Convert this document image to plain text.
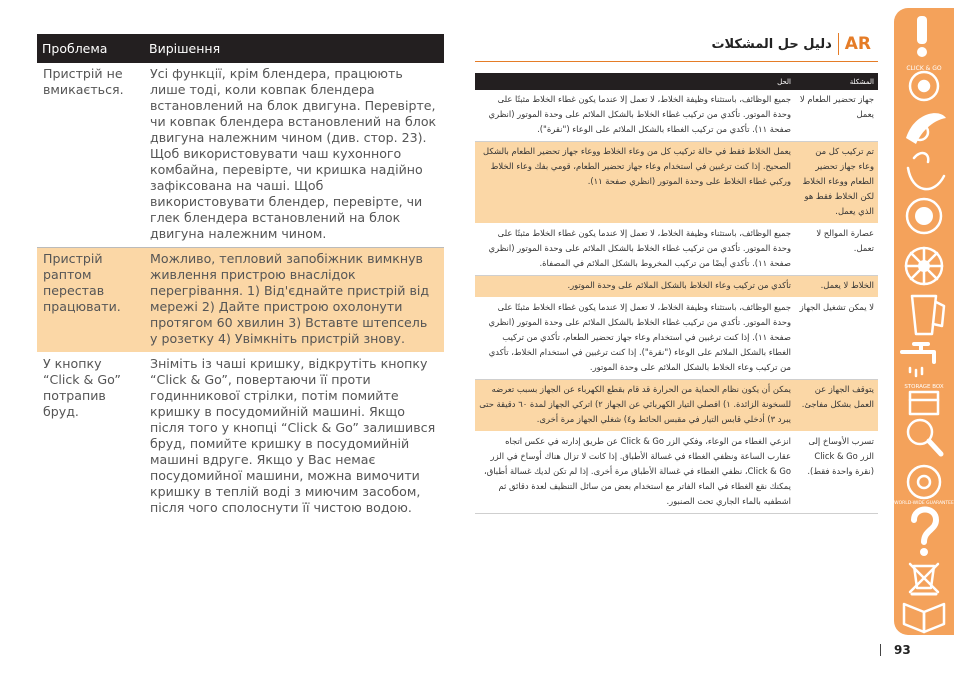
Проблема	Вирішення
Пристрій не вмикається.	Усі функції, крім блендера, працюють лише тоді, коли ковпак блендера встановлений на блок двигуна. Перевірте, чи ковпак блендера встановлений на блок двигуна належним чином (див. стор. 23). Щоб використовувати чаш кухонного комбайна, перевірте, чи кришка надійно зафіксована на чаші. Щоб використовувати блендер, перевірте, чи глек блендера встановлений на блок двигуна належним чином.
Пристрій раптом перестав працювати.	Можливо, тепловий запобіжник вимкнув живлення пристрою внаслідок перегрівання. 1) Від'єднайте пристрій від мережі 2) Дайте пристрою охолонути протягом 60 хвилин 3) Вставте штепсель у розетку 4) Увімкніть пристрій знову.
У кнопку “Click & Go” потрапив бруд.	Зніміть із чаші кришку, відкрутіть кнопку “Click & Go”, повертаючи її проти годинникової стрілки, потім помийте кришку в посудомийній машині. Якщо після того у кнопці “Click & Go” залишився бруд, помийте кришку в посудомийній машині вдруге. Якщо у Вас немає посудомийної машини, можна вимочити кришку в теплій воді з миючим засобом, після чого сполоснути її чистою водою.
دليل حل المشكلات AR
المشكلة	الحل
جهاز تحضير الطعام لا يعمل	جميع الوظائف، باستثناء وظيفة الخلاط، لا تعمل إلا عندما يكون غطاء الخلاط مثبتًا على وحدة الموتور. تأكدي من تركيب غطاء الخلاط بالشكل الملائم على وحدة الموتور (انظري صفحة ١١). تأكدي من تركيب الغطاء بالشكل الملائم على الوعاء ("نقرة").
تم تركيب كل من وعاء جهاز تحضير الطعام ووعاء الخلاط لكن الخلاط فقط هو الذي يعمل.	يعمل الخلاط فقط في حالة تركيب كل من وعاء الخلاط ووعاء جهاز تحضير الطعام بالشكل الصحيح. إذا كنت ترغبين في استخدام وعاء جهاز تحضير الطعام، قومي بفك وعاء الخلاط وركبي غطاء الخلاط على وحدة الموتور (انظري صفحة ١١).
عصارة الموالح لا تعمل.	جميع الوظائف، باستثناء وظيفة الخلاط، لا تعمل إلا عندما يكون غطاء الخلاط مثبتًا على وحدة الموتور. تأكدي من تركيب غطاء الخلاط بالشكل الملائم على وحدة الموتور (انظري صفحة ١١). تأكدي أيضًا من تركيب المخروط بالشكل الملائم في المصفاة.
الخلاط لا يعمل.	تأكدي من تركيب وعاء الخلاط بالشكل الملائم على وحدة الموتور.
لا يمكن تشغيل الجهاز	جميع الوظائف، باستثناء وظيفة الخلاط، لا تعمل إلا عندما يكون غطاء الخلاط مثبتًا على وحدة الموتور. تأكدي من تركيب غطاء الخلاط بالشكل الملائم على وحدة الموتور (انظري صفحة ١١). إذا كنت ترغبين في استخدام وعاء جهاز تحضير الطعام، تأكدي من تركيب الغطاء بالشكل الملائم على الوعاء ("نقرة"). إذا كنت ترغبين في استخدام الخلاط، تأكدي من تركيب وعاء الخلاط بالشكل الملائم على وحدة الموتور.
يتوقف الجهاز عن العمل بشكل مفاجئ.	يمكن أن يكون نظام الحماية من الحرارة قد قام بقطع الكهرباء عن الجهاز بسبب تعرضه للسخونة الزائدة. ١) افصلي التيار الكهربائي عن الجهاز ٢) اتركي الجهاز لمدة ٦٠ دقيقة حتى يبرد ٣) أدخلي قابس التيار في مقبس الحائط و٤) شغلي الجهاز مرة أخرى.
تسرب الأوساخ إلى الزر Click & Go (نقرة واحدة فقط).	انزعي الغطاء من الوعاء، وفكي الزر Click & Go عن طريق إدارته في عكس اتجاه عقارب الساعة ونظفي الغطاء في غسالة الأطباق. إذا كانت لا تزال هناك أوساخ في الزر Click & Go، نظفي الغطاء في غسالة الأطباق مرة أخرى. إذا لم تكن لديك غسالة أطباق، يمكنك نقع الغطاء في الماء الفاتر مع استخدام بعض من سائل التنظيف لعدة دقائق ثم اشطفيه بالماء الجاري تحت الصنبور.
CLICK & GO
STORAGE BOX
WORLD-WIDE GUARANTEE
93
